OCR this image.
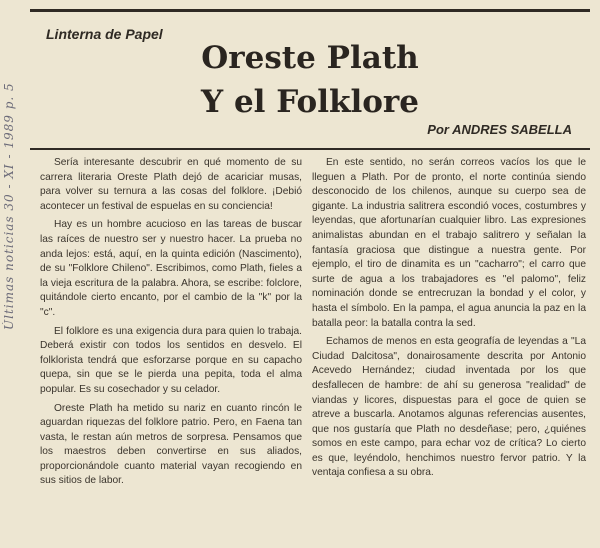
Últimas noticias 30 - XI - 1989 p. 5
Linterna de Papel
Oreste Plath
Y el Folklore
Por ANDRES SABELLA

Sería interesante descubrir en qué momento de su carrera literaria Oreste Plath dejó de acariciar musas, para volver su ternura a las cosas del folklore. ¡Debió acontecer un festival de espuelas en su conciencia!

Hay es un hombre acucioso en las tareas de buscar las raíces de nuestro ser y nuestro hacer. La prueba no anda lejos: está, aquí, en la quinta edición (Nascimento), de su "Folklore Chileno". Escribimos, como Plath, fieles a la vieja escritura de la palabra. Ahora, se escribe: folclore, quitándole cierto encanto, por el cambio de la "k" por la "c".

El folklore es una exigencia dura para quien lo trabaja. Deberá existir con todos los sentidos en desvelo. El folklorista tendrá que esforzarse porque en su capacho quepa, sin que se le pierda una pepita, toda el alma popular. Es su cosechador y su celador.

Oreste Plath ha metido su nariz en cuanto rincón le aguardan riquezas del folklore patrio. Pero, en Faena tan vasta, le restan aún metros de sorpresa. Pensamos que los maestros deben convertirse en sus aliados, proporcionándole cuanto material vayan recogiendo en sus sitios de labor.

En este sentido, no serán correos vacíos los que le lleguen a Plath. Por de pronto, el norte continúa siendo desconocido de los chilenos, aunque su cuerpo sea de gigante. La industria salitrera escondió voces, costumbres y leyendas, que afortunarían cualquier libro. Las expresiones animalistas abundan en el trabajo salitrero y señalan la fantasía graciosa que distingue a nuestra gente. Por ejemplo, el tiro de dinamita es un "cacharro"; el carro que surte de agua a los trabajadores es "el palomo", feliz nominación donde se entrecruzan la bondad y el color, y hasta el símbolo. En la pampa, el agua anuncia la paz en la batalla peor: la batalla contra la sed.

Echamos de menos en esta geografía de leyendas a "La Ciudad Dalcitosa", donairosamente descrita por Antonio Acevedo Hernández; ciudad inventada por los que desfallecen de hambre: de ahí su generosa "realidad" de viandas y licores, dispuestas para el goce de quien se atreve a buscarla. Anotamos algunas referencias ausentes, que nos gustaría que Plath no desdeñase; pero, ¿quiénes somos en este campo, para echar voz de crítica? Lo cierto es que, leyéndolo, henchimos nuestro fervor patrio. Y la ventaja confiesa a su obra.
